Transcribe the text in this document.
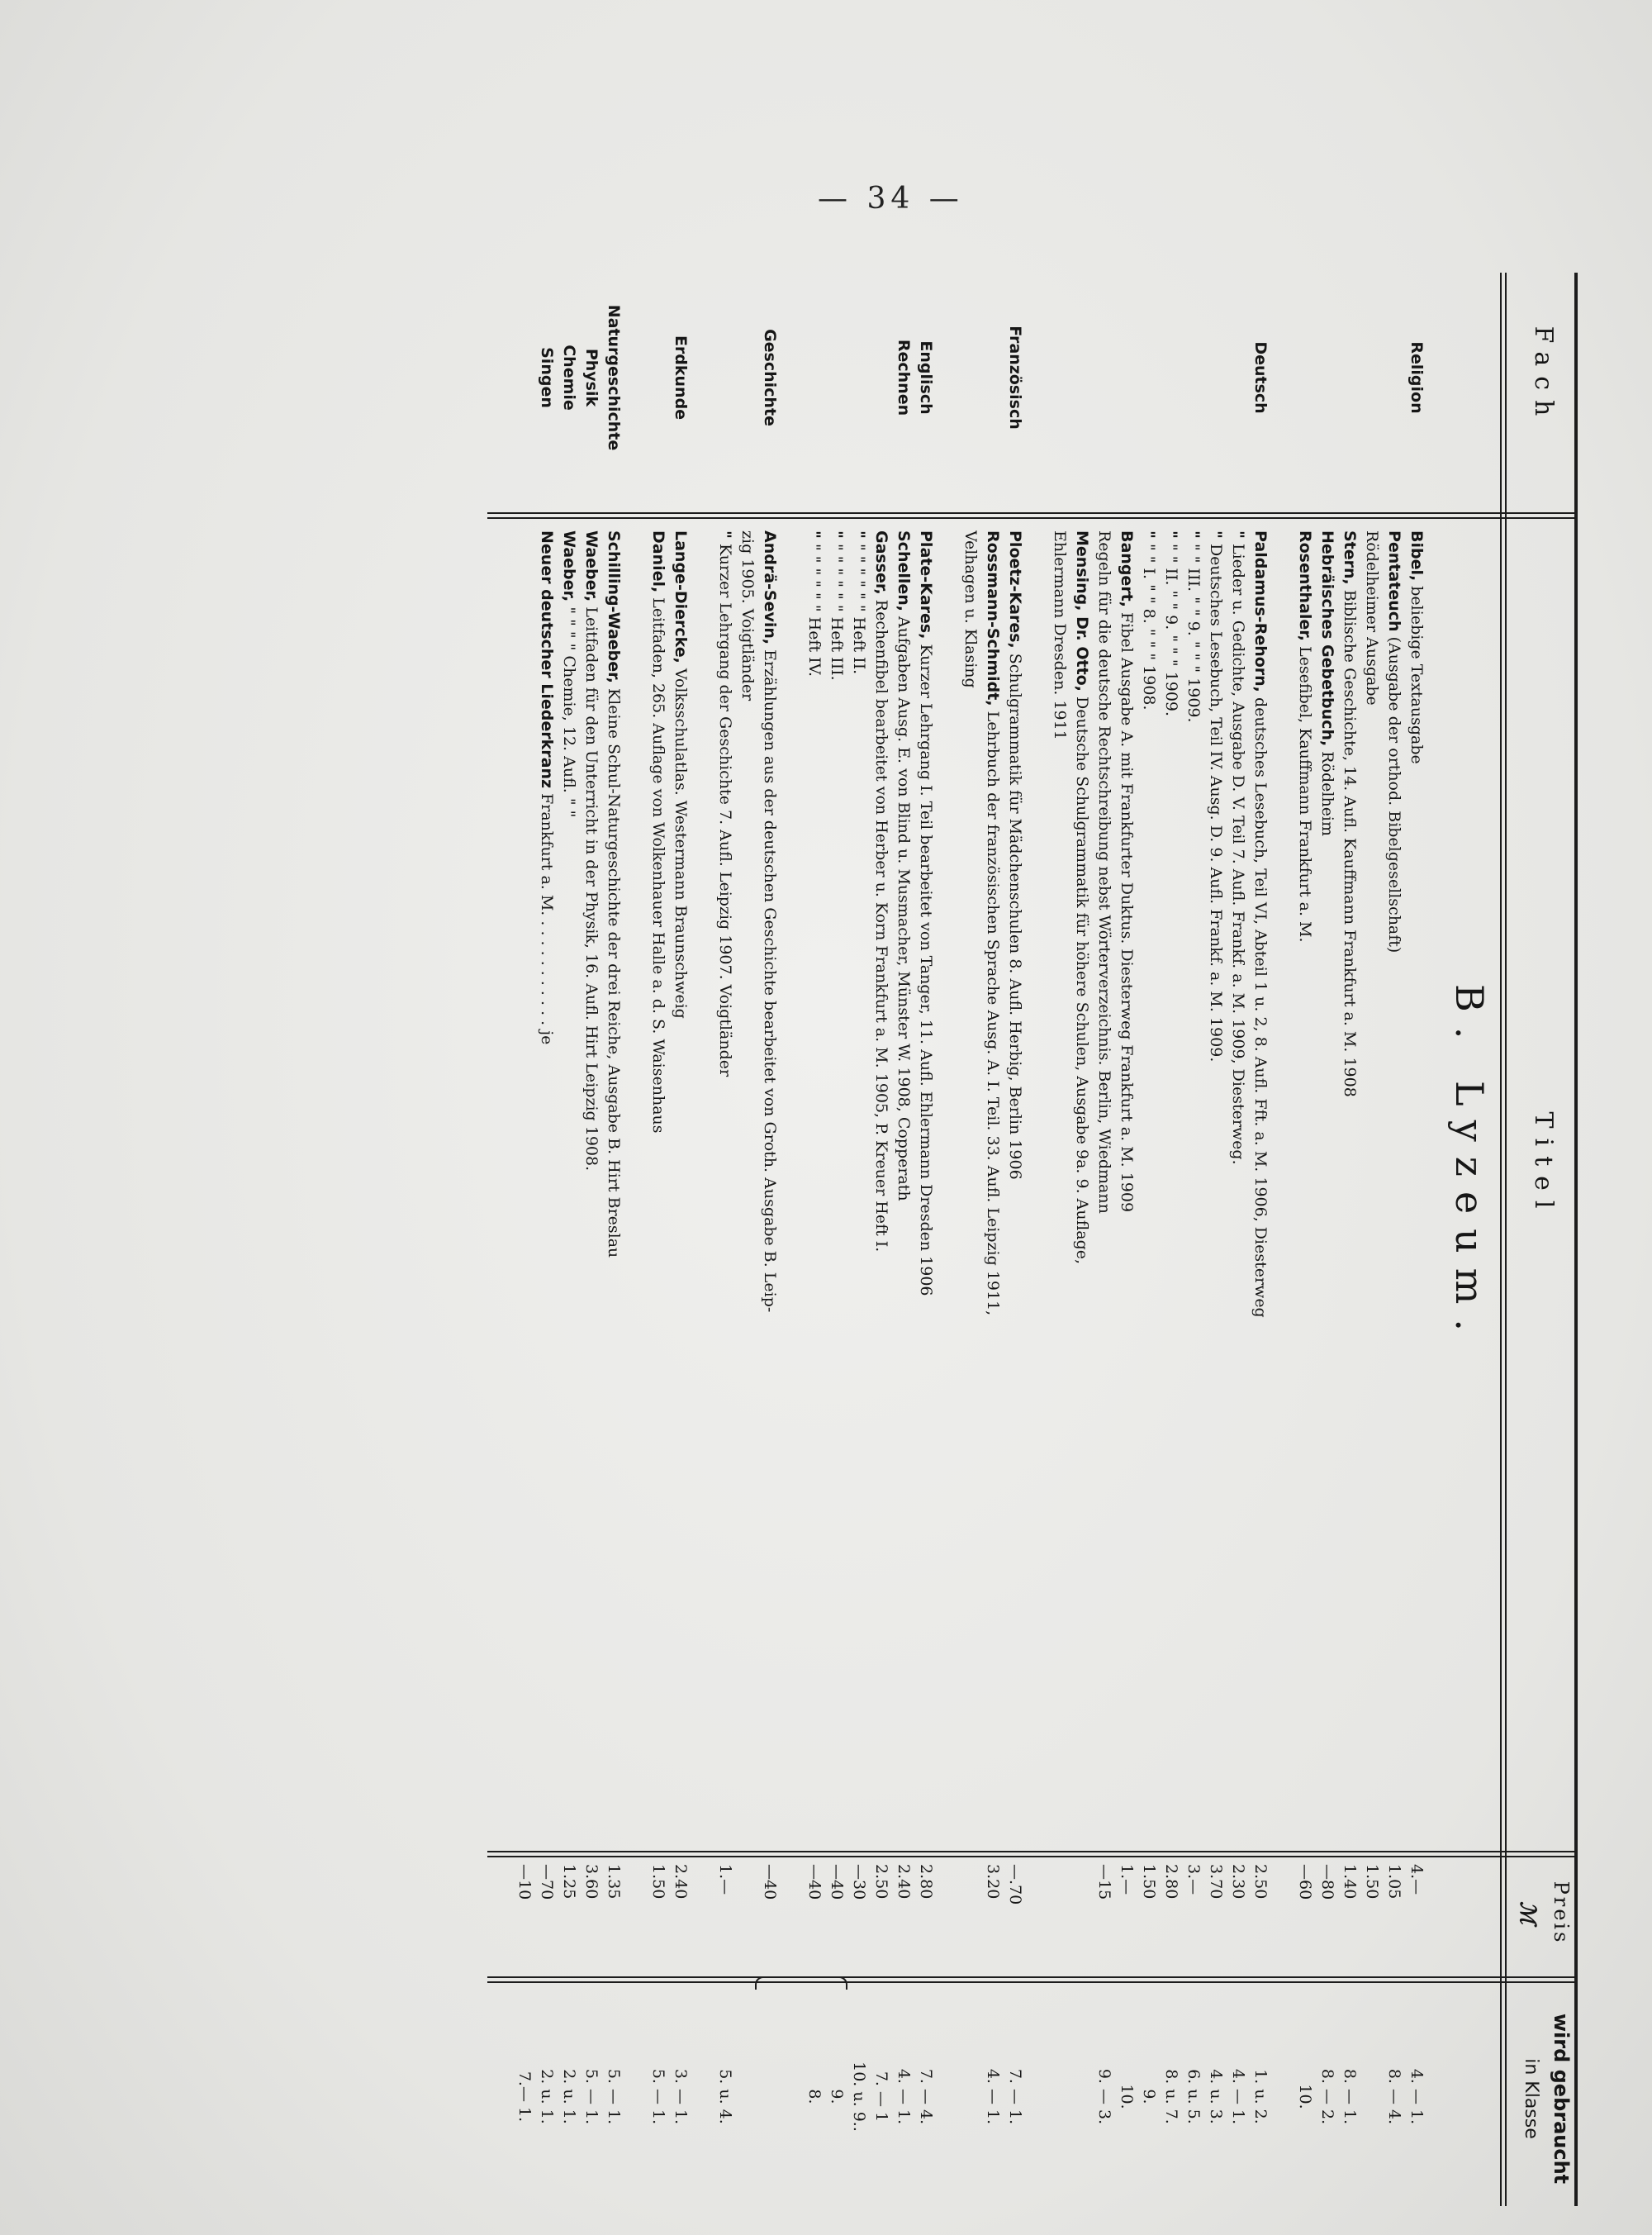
— 34 —
Fach
Titel
Preis
ℳ
wird gebraucht
in Klasse
B. Lyzeum.
Religion
Bibel, beliebige Textausgabe
4.—
4. — 1.
Pentateuch (Ausgabe der orthod. Bibelgesellschaft)
1.05
8. — 4.
Rödelheimer Ausgabe
1.50
Stern, Biblische Geschichte, 14. Aufl. Kauffmann Frankfurt a. M. 1908
1.40
8. — 1.
Hebräisches Gebetbuch, Rödelheim
—80
8. — 2.
Rosenthaler, Lesefibel, Kauffmann Frankfurt a. M.
—60
10.
Deutsch
Paldamus-Rehorn, deutsches Lesebuch, Teil VI, Abteil 1 u. 2, 8. Aufl. Fft. a. M. 1906, Diesterweg
2.50
1. u. 2.
" Lieder u. Gedichte, Ausgabe D. V. Teil 7. Aufl. Frankf. a. M. 1909, Diesterweg.
2.30
4. — 1.
" Deutsches Lesebuch, Teil IV. Ausg. D. 9. Aufl. Frankf. a. M. 1909.
3.70
4. u. 3.
" " " III. " " 9. " " " 1909.
3.—
6. u. 5.
" " " II. " " 9. " " " 1909.
2.80
8. u. 7.
" " " I. " " 8. " " " 1908.
1.50
9.
Bangert, Fibel Ausgabe A. mit Frankfurter Duktus. Diesterweg Frankfurt a. M. 1909
1.—
10.
Regeln für die deutsche Rechtschreibung nebst Wörterverzeichnis. Berlin, Wiedmann
—15
9. — 3.
Mensing, Dr. Otto, Deutsche Schulgrammatik für höhere Schulen, Ausgabe 9a. 9. Auflage,
Ehlermann Dresden. 1911
Französisch
Ploetz-Kares, Schulgrammatik für Mädchenschulen 8. Aufl. Herbig, Berlin 1906
—.70
7. — 1.
Rossmann-Schmidt, Lehrbuch der französischen Sprache Ausg. A. I. Teil. 33. Aufl. Leipzig 1911,
3.20
4. — 1.
Velhagen u. Klasing
Englisch
Plate-Kares, Kurzer Lehrgang I. Teil bearbeitet von Tanger, 11. Aufl. Ehlermann Dresden 1906
2.80
7. — 4.
Rechnen
Schellen, Aufgaben Ausg. E. von Blind u. Musmacher, Münster W. 1908, Copperath
2.40
4. — 1.
Gasser, Rechenfibel bearbeitet von Herber u. Korn Frankfurt a. M. 1905, P. Kreuer Heft I.
2.50
7. — 1
" " " " " " " Heft II.
—30
10. u. 9..
" " " " " " " Heft III.
—40
9.
" " " " " " " Heft IV.
—40
8.
Geschichte
Andrä-Sevin, Erzählungen aus der deutschen Geschichte bearbeitet von Groth. Ausgabe B. Leip-
—40
zig 1905. Voigtländer
" Kurzer Lehrgang der Geschichte 7. Aufl. Leipzig 1907. Voigtländer
1.—
5. u. 4.
Erdkunde
Lange-Diercke, Volksschulatlas. Westermann Braunschweig
2.40
3. — 1.
Daniel, Leitfaden, 265. Auflage von Wolkenhauer Halle a. d. S. Waisenhaus
1.50
5. — 1.
Naturgeschichte
Schilling-Waeber, Kleine Schul-Naturgeschichte der drei Reiche, Ausgabe B. Hirt Breslau
1.35
5. — 1.
Physik
Waeber, Leitfaden für den Unterricht in der Physik, 16. Aufl. Hirt Leipzig 1908.
3.60
5. — 1.
Chemie
Waeber, " " " " Chemie, 12. Aufl. " "
1.25
2. u. 1.
Singen
Neuer deutscher Liederkranz Frankfurt a. M. . . . . . . . . . . . je
—70
2. u. 1.
—10
7.— 1.
